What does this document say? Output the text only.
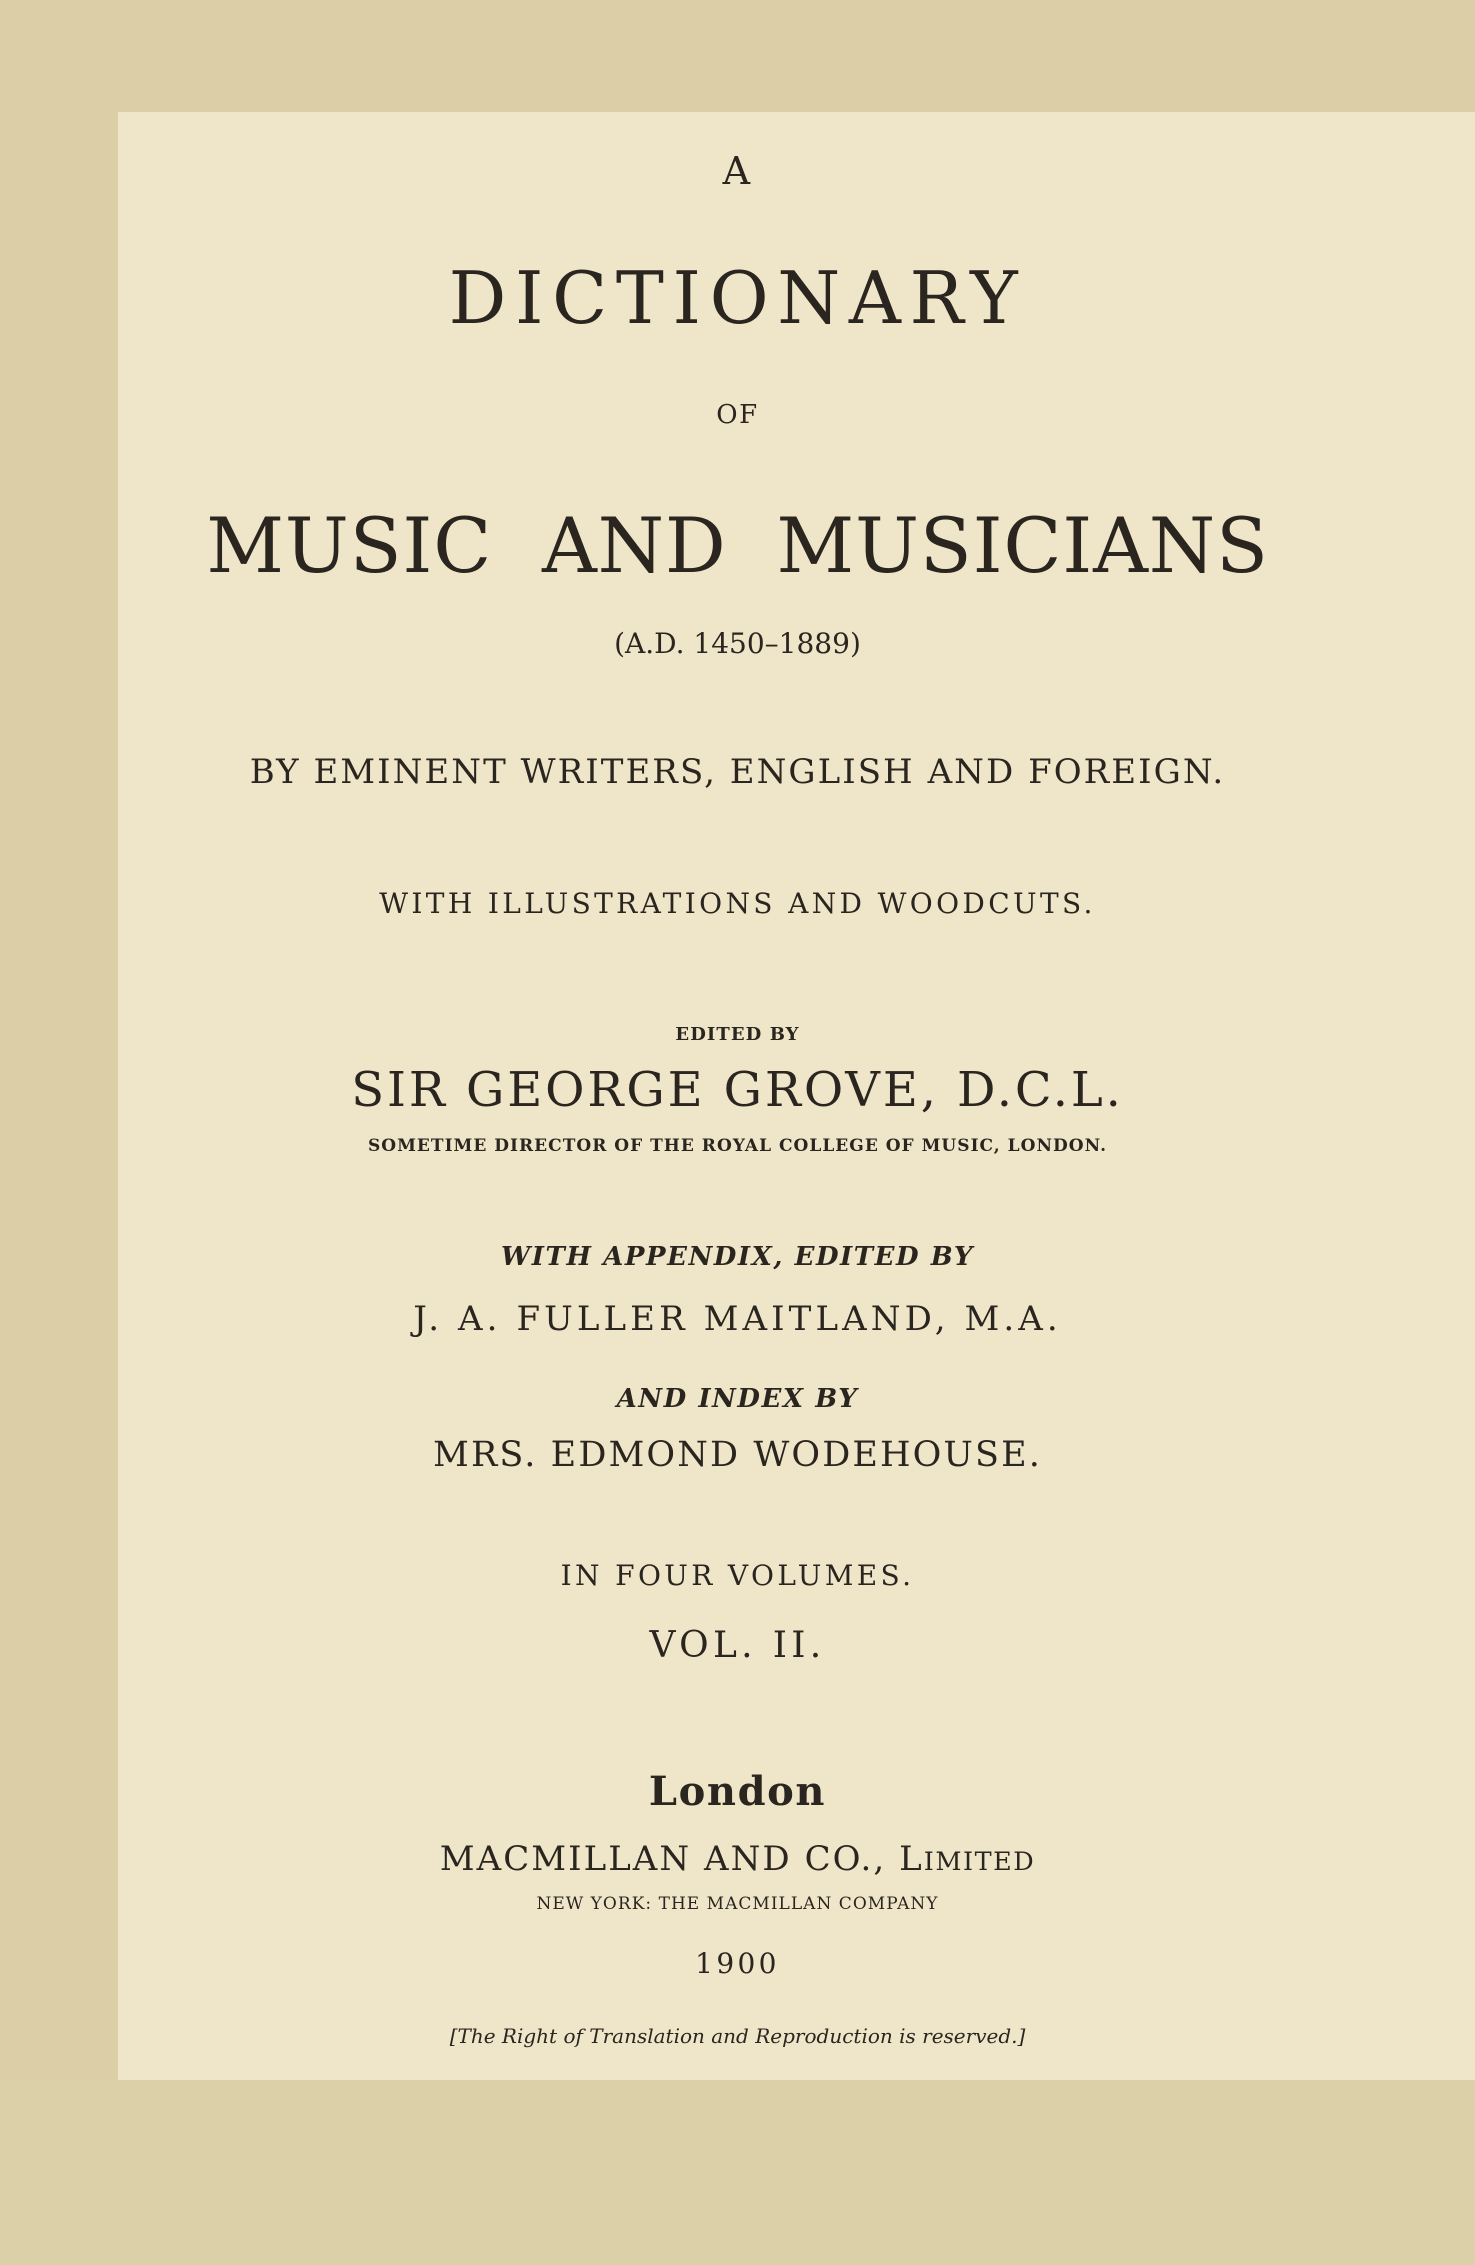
A
DICTIONARY
OF
MUSIC  AND  MUSICIANS
(A.D. 1450–1889)
BY EMINENT WRITERS, ENGLISH AND FOREIGN.
WITH ILLUSTRATIONS AND WOODCUTS.
EDITED BY
SIR GEORGE GROVE, D.C.L.
SOMETIME DIRECTOR OF THE ROYAL COLLEGE OF MUSIC, LONDON.
WITH APPENDIX, EDITED BY
J. A. FULLER MAITLAND, M.A.
AND INDEX BY
MRS. EDMOND WODEHOUSE.
IN FOUR VOLUMES.
VOL. II.
London
MACMILLAN AND CO., LIMITED
NEW YORK: THE MACMILLAN COMPANY
1900
[The Right of Translation and Reproduction is reserved.]
